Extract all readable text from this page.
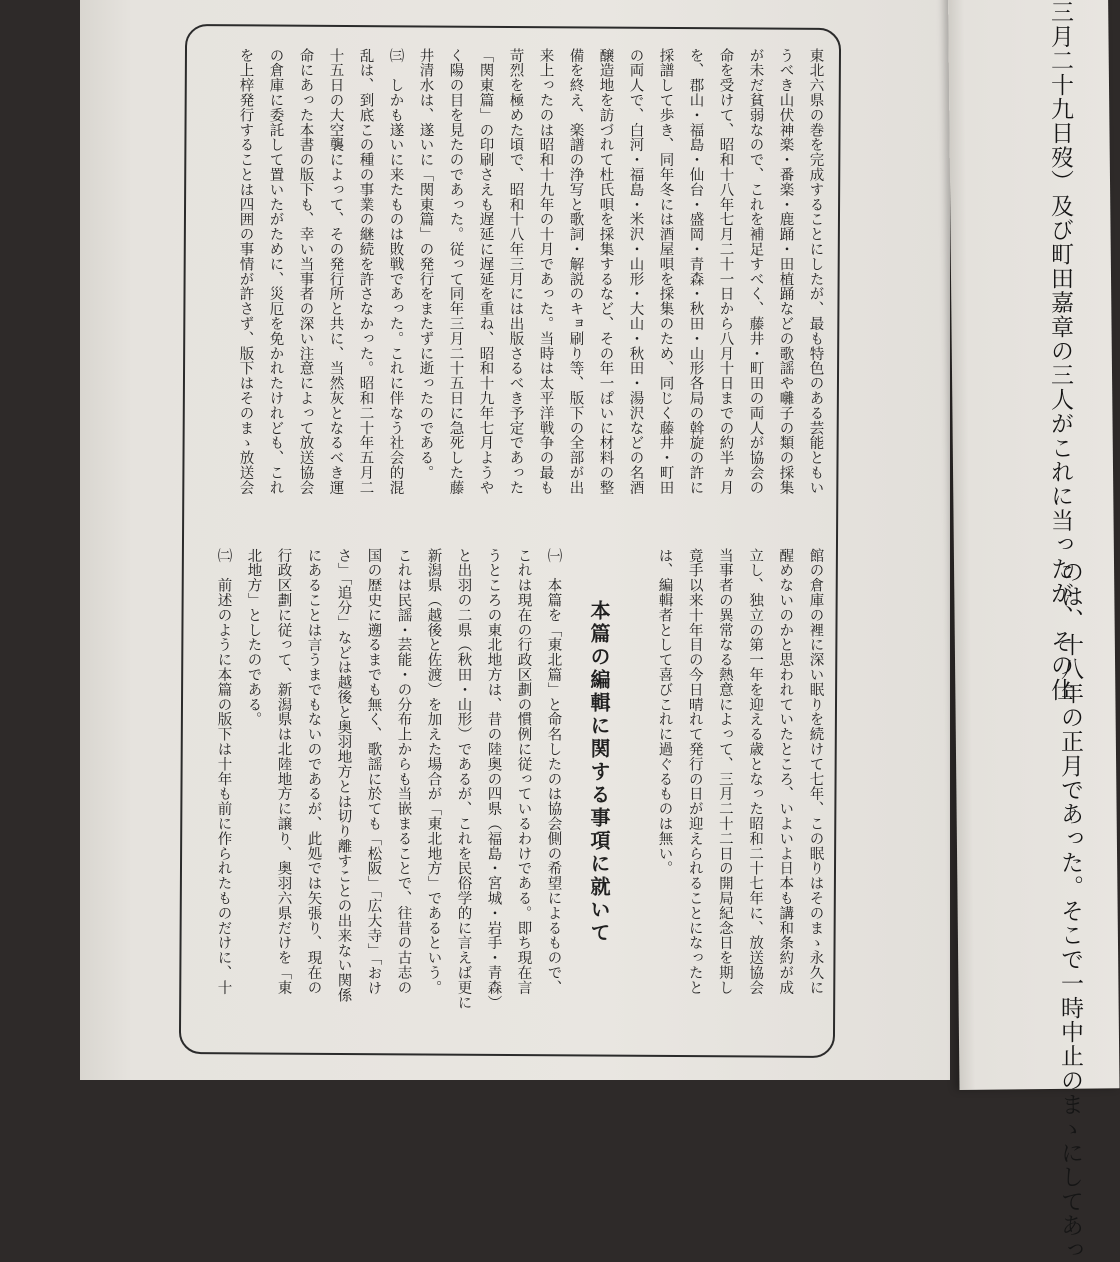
東北六県の巻を完成することにしたが、最も特色のある芸能ともい

うべき山伏神楽・番楽・鹿踊・田植踊などの歌謡や囃子の類の採集

が未だ貧弱なので、これを補足すべく、藤井・町田の両人が協会の

命を受けて、昭和十八年七月二十一日から八月十日までの約半ヵ月

を、郡山・福島・仙台・盛岡・青森・秋田・山形各局の斡旋の許に

採譜して歩き、同年冬には酒屋唄を採集のため、同じく藤井・町田

の両人で、白河・福島・米沢・山形・大山・秋田・湯沢などの名酒

醸造地を訪づれて杜氏唄を採集するなど、その年一ぱいに材料の整

備を終え、楽譜の浄写と歌詞・解説のキョ刷り等、版下の全部が出

来上ったのは昭和十九年の十月であった。当時は太平洋戦争の最も

苛烈を極めた頃で、昭和十八年三月には出版さるべき予定であった

「関東篇」の印刷さえも遅延に遅延を重ね、昭和十九年七月ようや

く陽の目を見たのであった。従って同年三月二十五日に急死した藤

井清水は、遂いに「関東篇」の発行をまたずに逝ったのである。

㈢　しかも遂いに来たものは敗戦であった。これに伴なう社会的混

乱は、到底この種の事業の継続を許さなかった。昭和二十年五月二

十五日の大空襲によって、その発行所と共に、当然灰となるべき運

命にあった本書の版下も、幸い当事者の深い注意によって放送協会

の倉庫に委託して置いたがために、災厄を免かれたけれども、これ

を上梓発行することは四囲の事情が許さず、版下はそのまゝ放送会

館の倉庫の裡に深い眠りを続けて七年、この眠りはそのまゝ永久に

醒めないのかと思われていたところ、いよいよ日本も講和条約が成

立し、独立の第一年を迎える歳となった昭和二十七年に、放送協会

当事者の異常なる熱意によって、三月二十二日の開局紀念日を期し

竟手以来十年目の今日晴れて発行の日が迎えられることになったと

は、編輯者として喜びこれに過ぐるものは無い。

本篇の編輯に関する事項に就いて

㈠　本篇を「東北篇」と命名したのは協会側の希望によるもので、

これは現在の行政区劃の慣例に従っているわけである。即ち現在言

うところの東北地方は、昔の陸奥の四県（福島・宮城・岩手・青森）

と出羽の二県（秋田・山形）であるが、これを民俗学的に言えば更に

新潟県（越後と佐渡）を加えた場合が「東北地方」であるという。

これは民謡・芸能・の分布上からも当嵌まることで、往昔の古志の

国の歴史に遡るまでも無く、歌謡に於ても「松阪」「広大寺」「おけ

さ」「追分」などは越後と奥羽地方とは切り離すことの出来ない関係

にあることは言うまでもないのであるが、此処では矢張り、現在の

行政区劃に従って、新潟県は北陸地方に譲り、奥羽六県だけを「東

北地方」としたのである。

㈡　前述のように本篇の版下は十年も前に作られたものだけに、十

三月二十九日歿）及び町田嘉章の三人がこれに当ったが、その仕

のは、十八年の正月であった。そこで一時中止のまゝにしてあっ
